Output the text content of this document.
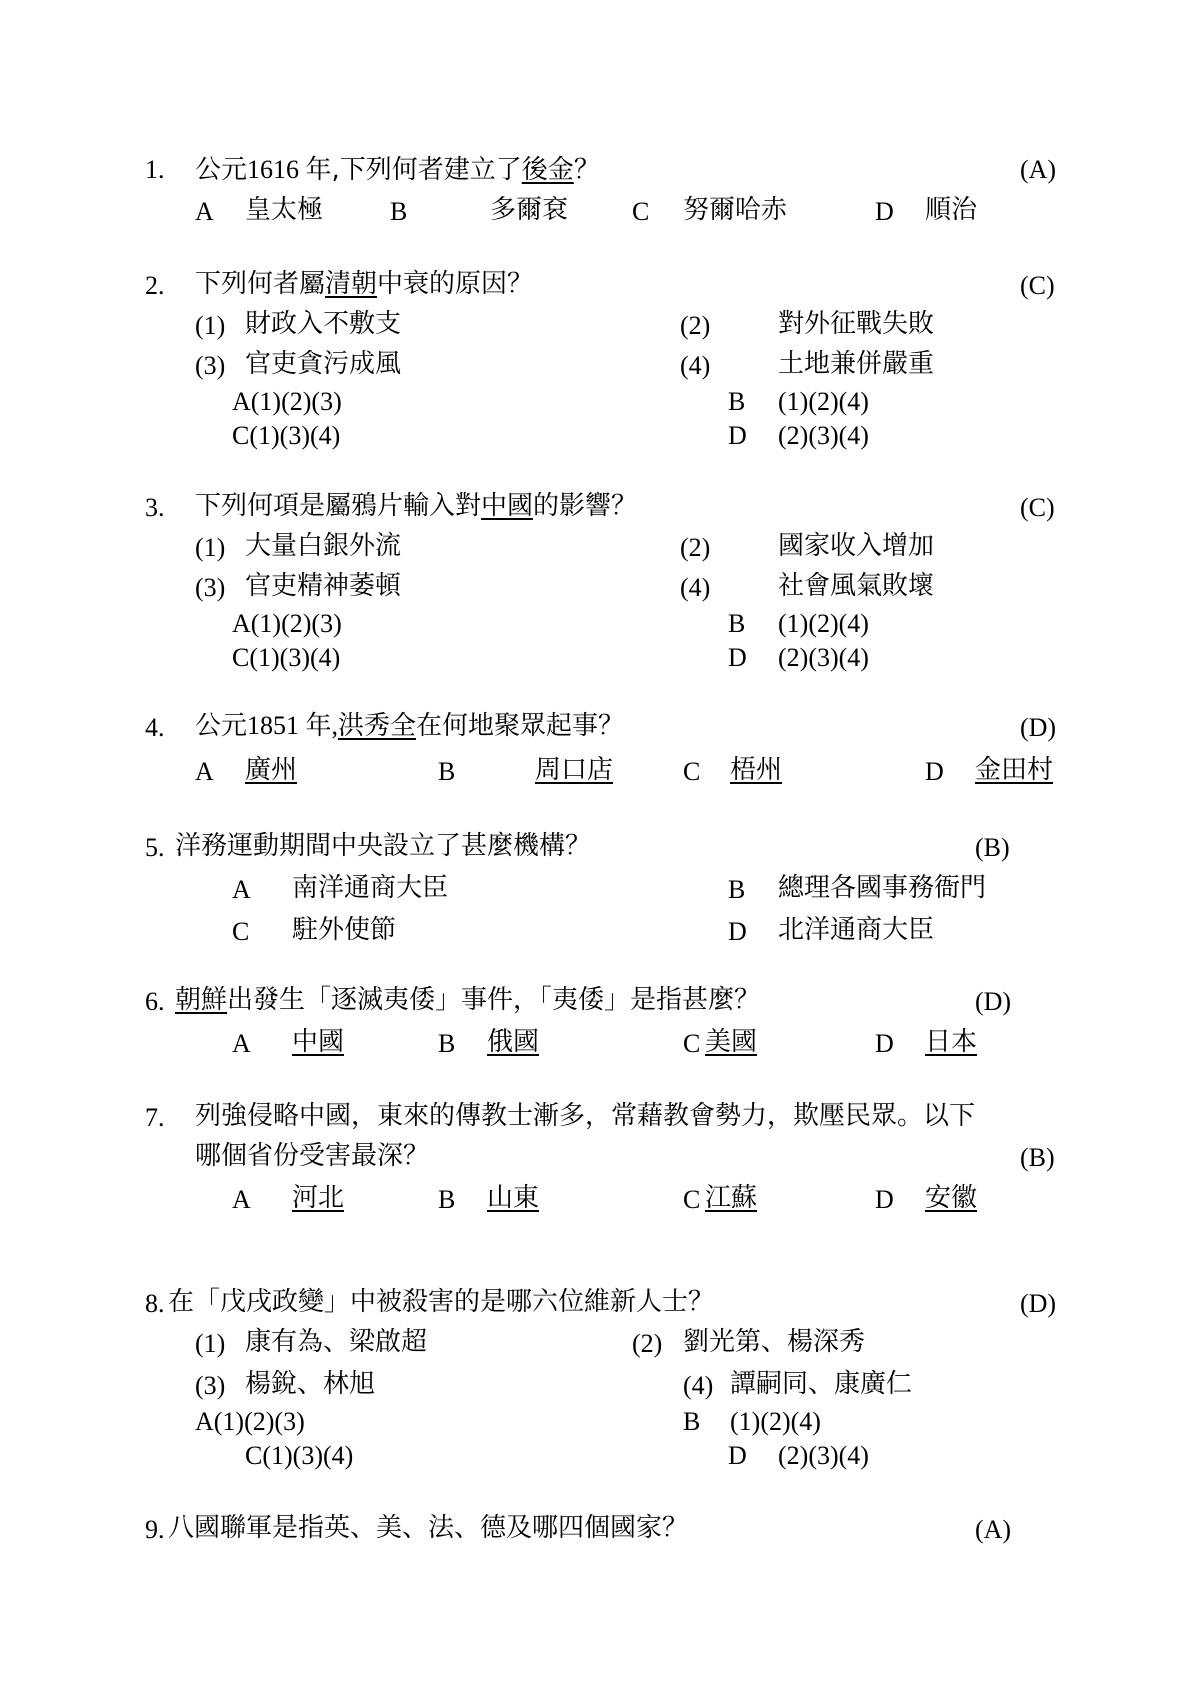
1. 公元1616 年,下列何者建立了後金？	(A)
A 皇太極	B	多爾袞 C 努爾哈赤	D 順治
2. 下列何者屬清朝中衰的原因？	(C)
(1) 財政入不敷支	(2)	對外征戰失敗
(3) 官吏貪污成風	(4)	土地兼併嚴重
A(1)(2)(3)	B (1)(2)(4)
C(1)(3)(4)	D (2)(3)(4)
3. 下列何項是屬鴉片輸入對中國的影響？	(C)
(1) 大量白銀外流	(2)	國家收入增加
(3) 官吏精神萎頓	(4)	社會風氣敗壞
A(1)(2)(3)	B (1)(2)(4)
C(1)(3)(4)	D (2)(3)(4)
4. 公元1851 年,洪秀全在何地聚眾起事？	(D)
A 廣州	B	周口店	C 梧州	D 金田村
5. 洋務運動期間中央設立了甚麼機構？	(B)
A 南洋通商大臣	B 總理各國事務衙門
C 駐外使節	D 北洋通商大臣
6. 朝鮮出發生「逐滅夷倭」事件，「夷倭」是指甚麼？	(D)
A 中國	B 俄國	C 美國	D 日本
7. 列強侵略中國，東來的傳教士漸多，常藉教會勢力，欺壓民眾。以下
哪個省份受害最深？	(B)
A 河北	B 山東	C 江蘇	D 安徽
8. 在「戊戌政變」中被殺害的是哪六位維新人士？	(D)
(1) 康有為、梁啟超	(2) 劉光第、楊深秀
(3) 楊銳、林旭	(4) 譚嗣同、康廣仁
A(1)(2)(3)	B (1)(2)(4)
C(1)(3)(4)	D (2)(3)(4)
9. 八國聯軍是指英、美、法、德及哪四個國家？	(A)
